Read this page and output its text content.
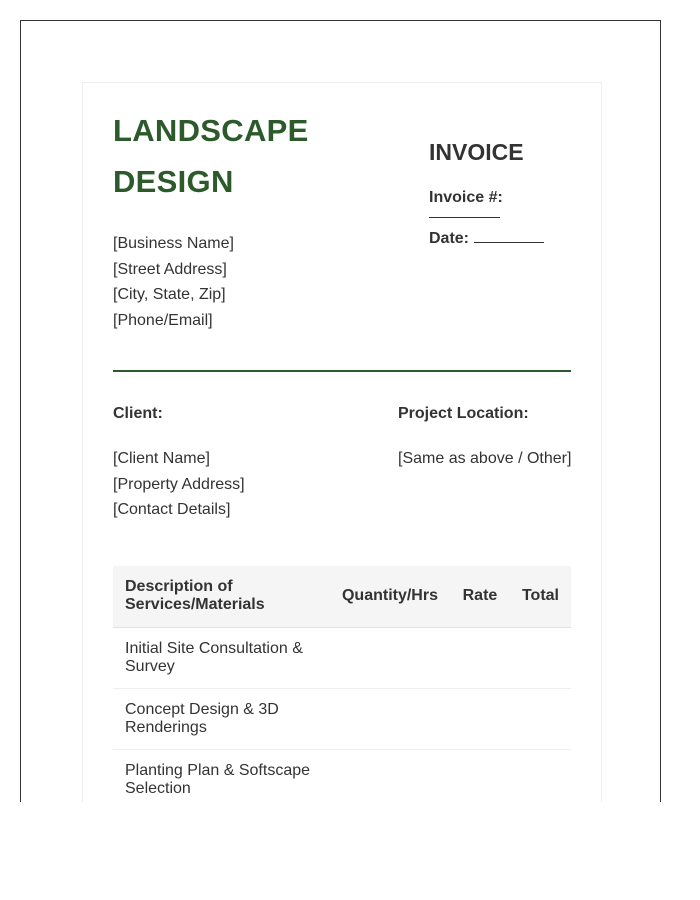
LANDSCAPE
DESIGN
[Business Name]
[Street Address]
[City, State, Zip]
[Phone/Email]
INVOICE
Invoice #:
Date:
Client:
[Client Name]
[Property Address]
[Contact Details]
Project Location:
[Same as above / Other]
Description of Services/Materials	Quantity/Hrs	Rate	Total
Initial Site Consultation & Survey			
Concept Design & 3D Renderings			
Planting Plan & Softscape Selection			
